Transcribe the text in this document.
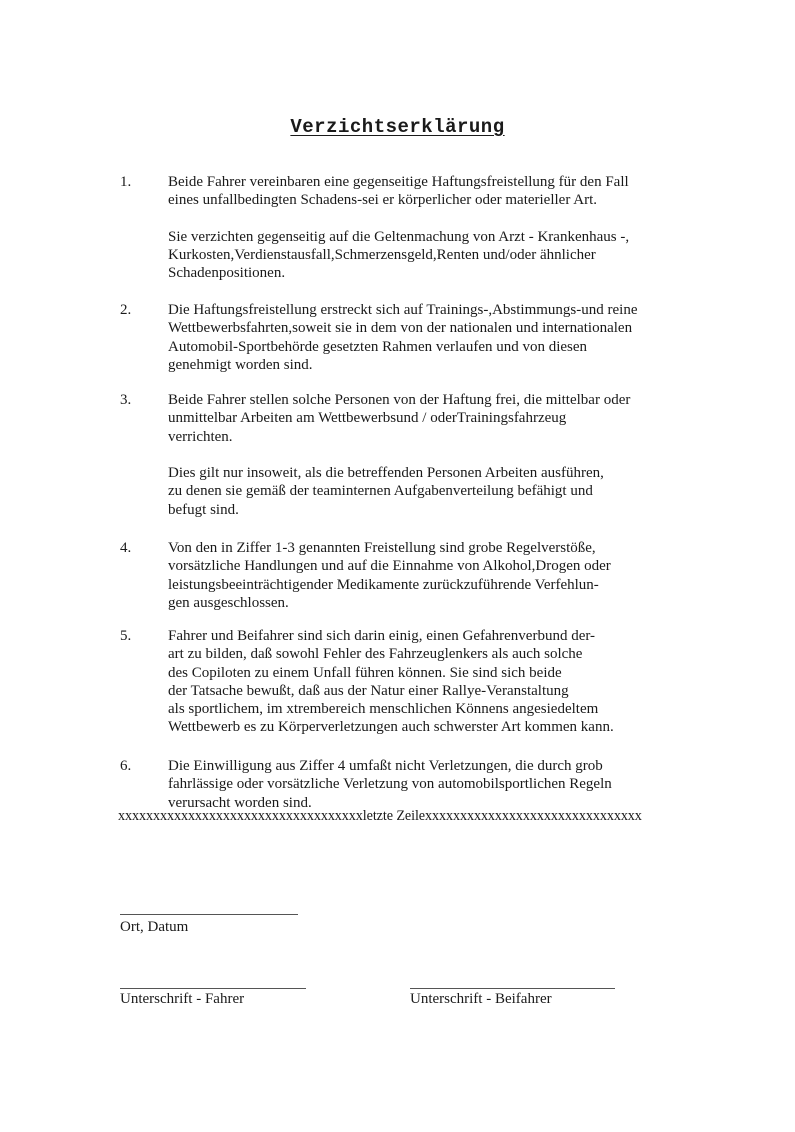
Verzichtserklärung
1. Beide Fahrer vereinbaren eine gegenseitige Haftungsfreistellung für den Fall
eines unfallbedingten Schadens-sei er körperlicher oder materieller Art.
Sie verzichten gegenseitig auf die Geltenmachung von Arzt - Krankenhaus -,
Kurkosten,Verdienstausfall,Schmerzensgeld,Renten und/oder ähnlicher
Schadenpositionen.
2. Die Haftungsfreistellung erstreckt sich auf Trainings-,Abstimmungs-und reine
Wettbewerbsfahrten,soweit sie in dem von der nationalen und internationalen
Automobil-Sportbehörde gesetzten Rahmen verlaufen und von diesen
genehmigt worden sind.
3. Beide Fahrer stellen solche Personen von der Haftung frei, die mittelbar oder
unmittelbar Arbeiten am Wettbewerbsund / oderTrainingsfahrzeug
verrichten.
Dies gilt nur insoweit, als die betreffenden Personen Arbeiten ausführen,
zu denen sie gemäß der teaminternen Aufgabenverteilung befähigt und
befugt sind.
4. Von den in Ziffer 1-3 genannten Freistellung sind grobe Regelverstöße,
vorsätzliche Handlungen und auf die Einnahme von Alkohol,Drogen oder
leistungsbeeinträchtigender Medikamente zurückzuführende Verfehlun-
gen ausgeschlossen.
5. Fahrer und Beifahrer sind sich darin einig, einen Gefahrenverbund der-
art zu bilden, daß sowohl Fehler des Fahrzeuglenkers als auch solche
des Copiloten zu einem Unfall führen können. Sie sind sich beide
der Tatsache bewußt, daß aus der Natur einer Rallye-Veranstaltung
als sportlichem, im xtrembereich menschlichen Könnens angesiedeltem
Wettbewerb es zu Körperverletzungen auch schwerster Art kommen kann.
6. Die Einwilligung aus Ziffer 4 umfaßt nicht Verletzungen, die durch grob
fahrlässige oder vorsätzliche Verletzung von automobilsportlichen Regeln
verursacht worden sind.
xxxxxxxxxxxxxxxxxxxxxxxxxxxxxxxxxxxletzte Zeilexxxxxxxxxxxxxxxxxxxxxxxxxxxxxxx
Ort, Datum
Unterschrift - Fahrer	Unterschrift - Beifahrer
